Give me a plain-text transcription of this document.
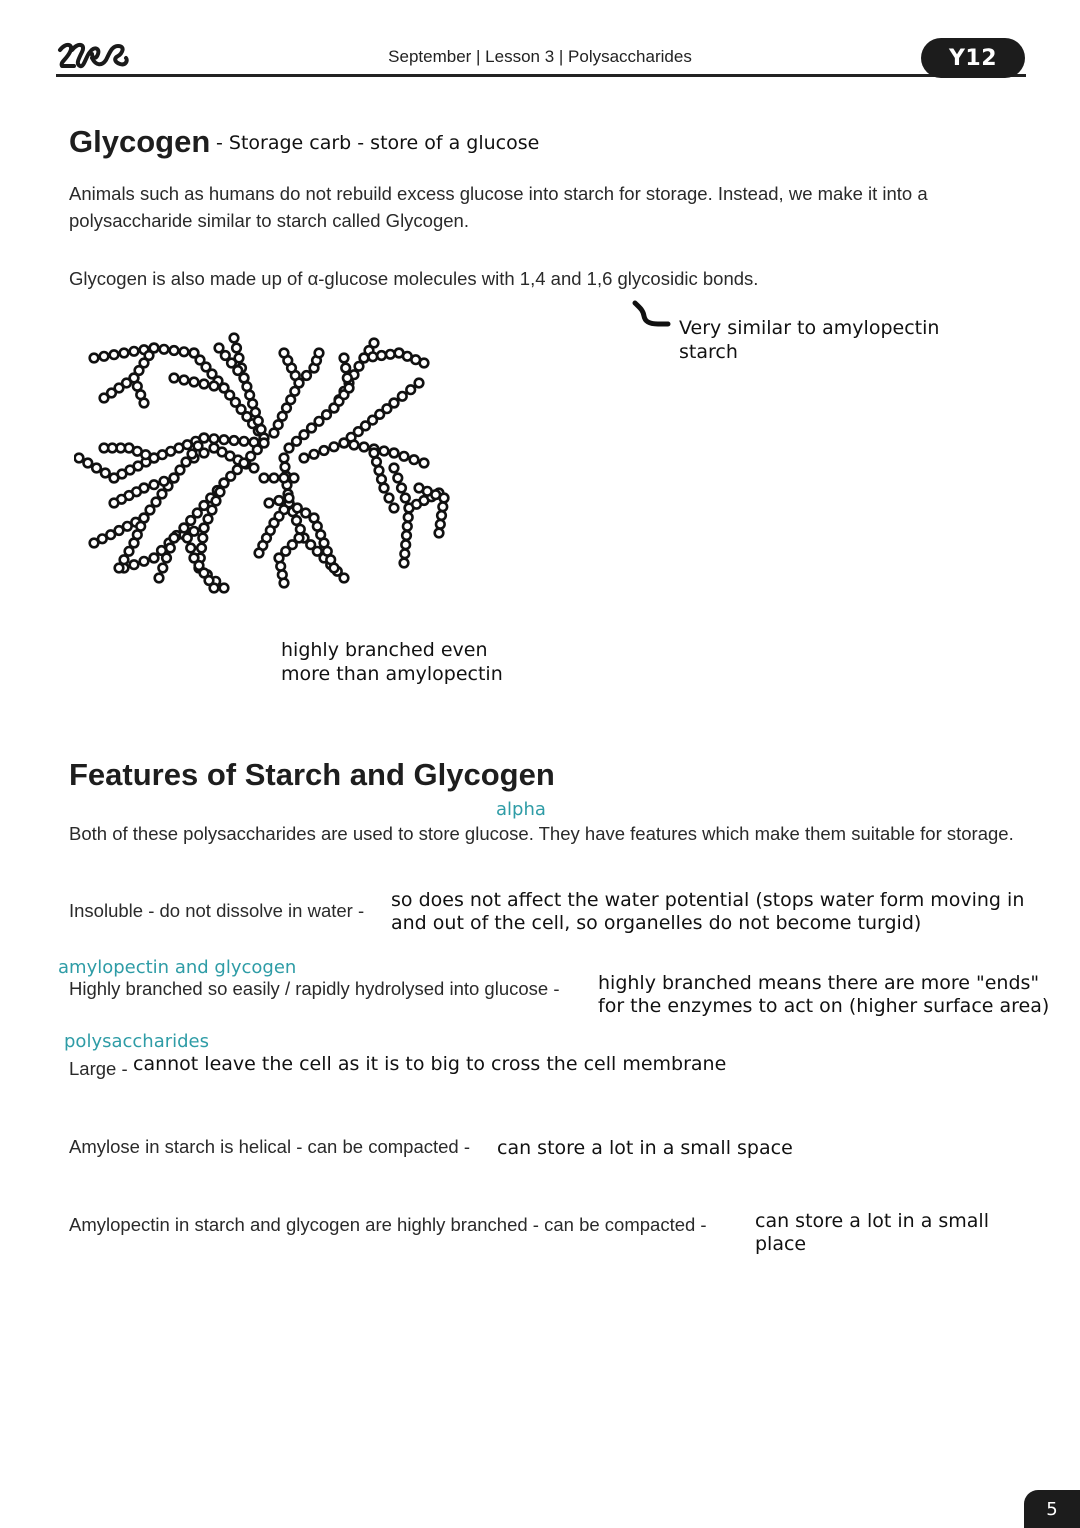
September | Lesson 3 | Polysaccharides	Y12
Glycogen - Storage carb - store of a glucose
Animals such as humans do not rebuild excess glucose into starch for storage. Instead, we make it into a polysaccharide similar to starch called Glycogen.
Glycogen is also made up of α-glucose molecules with 1,4 and 1,6 glycosidic bonds.
Very similar to amylopectin starch
highly branched even more than amylopectin
Features of Starch and Glycogen
alpha
Both of these polysaccharides are used to store glucose. They have features which make them suitable for storage.
Insoluble - do not dissolve in water - so does not affect the water potential (stops water form moving in and out of the cell, so organelles do not become turgid)
amylopectin and glycogen
Highly branched so easily / rapidly hydrolysed into glucose - highly branched means there are more "ends" for the enzymes to act on (higher surface area)
polysaccharides
Large - cannot leave the cell as it is to big to cross the cell membrane
Amylose in starch is helical - can be compacted - can store a lot in a small space
Amylopectin in starch and glycogen are highly branched - can be compacted -	can store a lot in a small place
5
